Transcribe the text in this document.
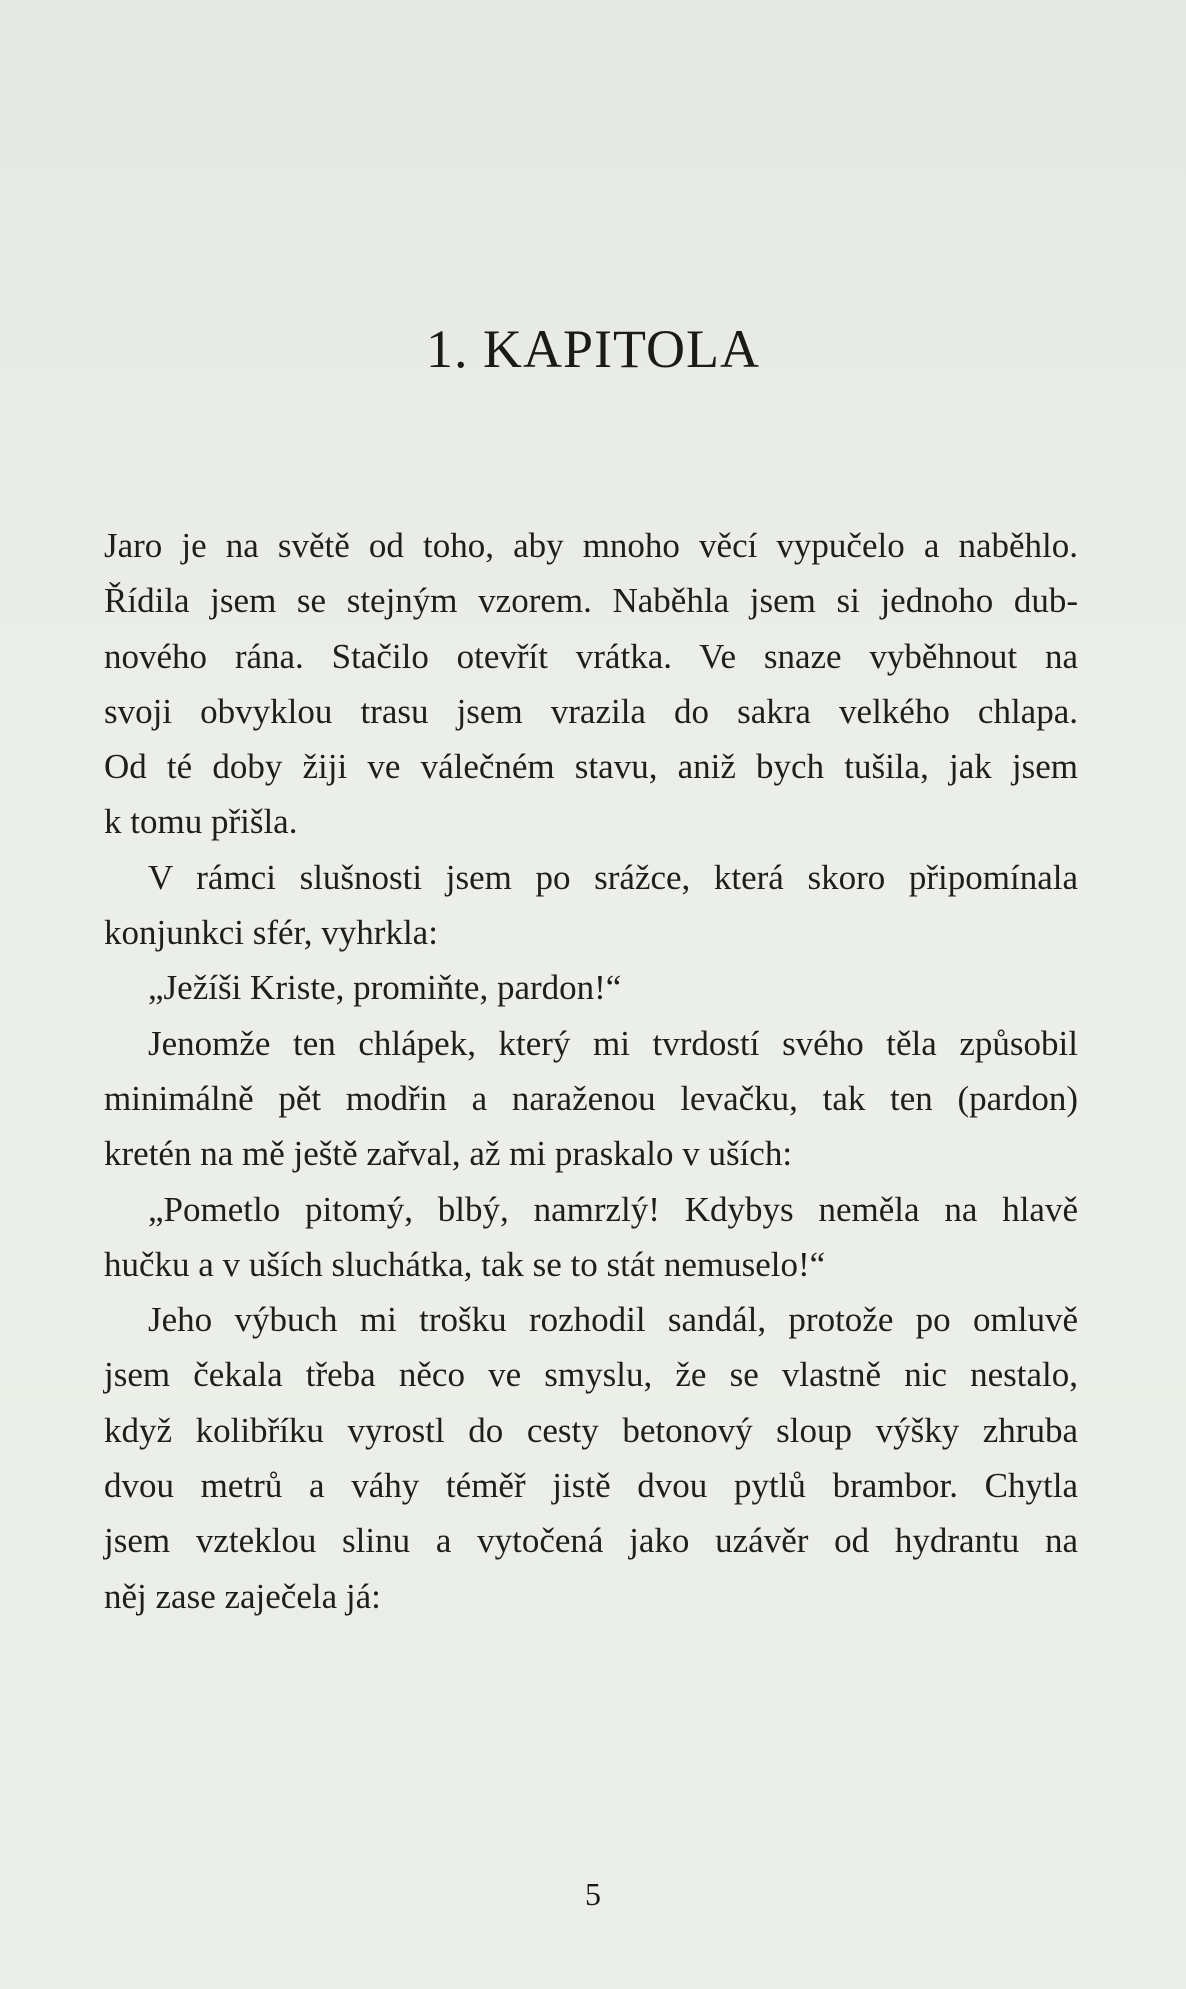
1. KAPITOLA

Jaro je na světě od toho, aby mnoho věcí vypučelo a naběhlo.
Řídila jsem se stejným vzorem. Naběhla jsem si jednoho dub-
nového rána. Stačilo otevřít vrátka. Ve snaze vyběhnout na
svoji obvyklou trasu jsem vrazila do sakra velkého chlapa.
Od té doby žiji ve válečném stavu, aniž bych tušila, jak jsem
k tomu přišla.

V rámci slušnosti jsem po srážce, která skoro připomínala
konjunkci sfér, vyhrkla:

„Ježíši Kriste, promiňte, pardon!“

Jenomže ten chlápek, který mi tvrdostí svého těla způsobil
minimálně pět modřin a naraženou levačku, tak ten (pardon)
kretén na mě ještě zařval, až mi praskalo v uších:

„Pometlo pitomý, blbý, namrzlý! Kdybys neměla na hlavě
hučku a v uších sluchátka, tak se to stát nemuselo!“

Jeho výbuch mi trošku rozhodil sandál, protože po omluvě
jsem čekala třeba něco ve smyslu, že se vlastně nic nestalo,
když kolibříku vyrostl do cesty betonový sloup výšky zhruba
dvou metrů a váhy téměř jistě dvou pytlů brambor. Chytla
jsem vzteklou slinu a vytočená jako uzávěr od hydrantu na
něj zase zaječela já:

5
